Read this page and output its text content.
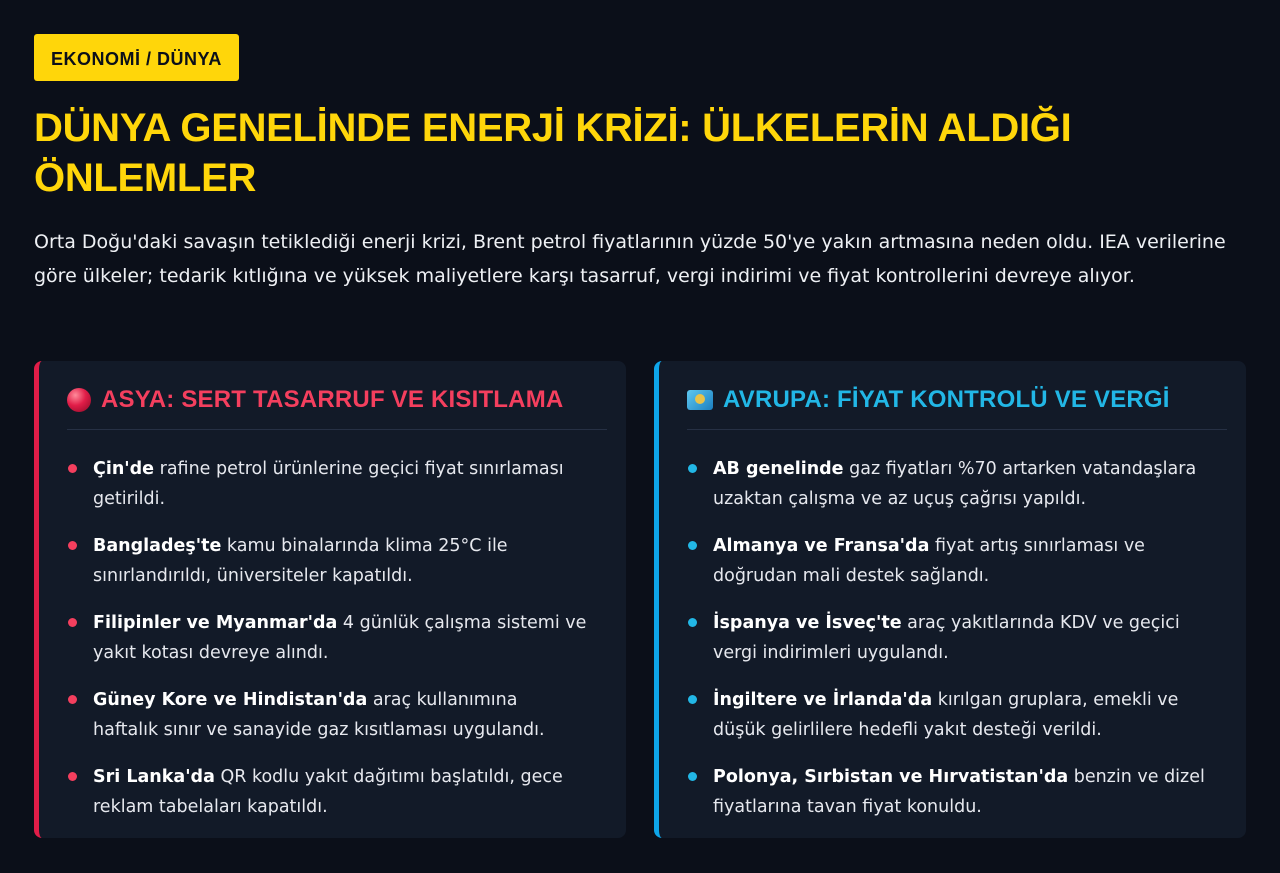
EKONOMİ / DÜNYA
DÜNYA GENELİNDE ENERJİ KRİZİ: ÜLKELERİN ALDIĞI ÖNLEMLER

Orta Doğu'daki savaşın tetiklediği enerji krizi, Brent petrol fiyatlarının yüzde 50'ye yakın artmasına neden oldu. IEA verilerine göre ülkeler; tedarik kıtlığına ve yüksek maliyetlere karşı tasarruf, vergi indirimi ve fiyat kontrollerini devreye alıyor.

ASYA: SERT TASARRUF VE KISITLAMA
Çin'de rafine petrol ürünlerine geçici fiyat sınırlaması getirildi.
Bangladeş'te kamu binalarında klima 25°C ile sınırlandırıldı, üniversiteler kapatıldı.
Filipinler ve Myanmar'da 4 günlük çalışma sistemi ve yakıt kotası devreye alındı.
Güney Kore ve Hindistan'da araç kullanımına haftalık sınır ve sanayide gaz kısıtlaması uygulandı.
Sri Lanka'da QR kodlu yakıt dağıtımı başlatıldı, gece reklam tabelaları kapatıldı.
AVRUPA: FİYAT KONTROLÜ VE VERGİ
AB genelinde gaz fiyatları %70 artarken vatandaşlara uzaktan çalışma ve az uçuş çağrısı yapıldı.
Almanya ve Fransa'da fiyat artış sınırlaması ve doğrudan mali destek sağlandı.
İspanya ve İsveç'te araç yakıtlarında KDV ve geçici vergi indirimleri uygulandı.
İngiltere ve İrlanda'da kırılgan gruplara, emekli ve düşük gelirlilere hedefli yakıt desteği verildi.
Polonya, Sırbistan ve Hırvatistan'da benzin ve dizel fiyatlarına tavan fiyat konuldu.
